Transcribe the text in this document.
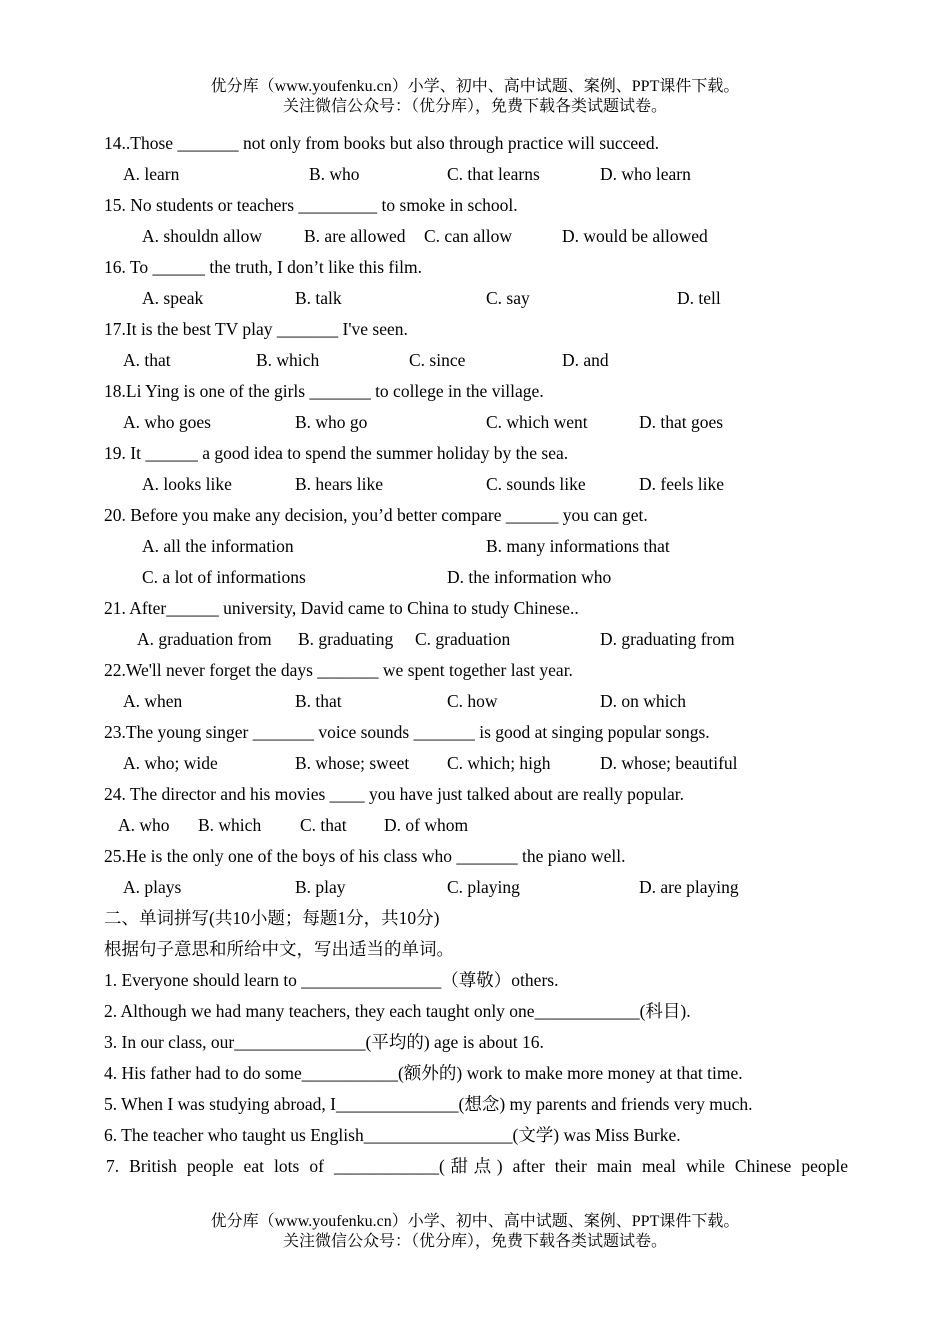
优分库（www.youfenku.cn）小学、初中、高中试题、案例、PPT课件下载。
关注微信公众号：（优分库），免费下载各类试题试卷。
14..Those _______ not only from books but also through practice will succeed.
A. learn	B. who	C. that learns	D. who learn
15. No students or teachers _________ to smoke in school.
A. shouldn allow B. are allowed C. can allow	D. would be allowed
16. To ______ the truth, I don’t like this film.
A. speak	B. talk	C. say	D. tell
17.It is the best TV play _______ I've seen.
A. that	B. which	C. since	D. and
18.Li Ying is one of the girls _______ to college in the village.
A. who goes	B. who go	C. which went	D. that goes
19. It ______ a good idea to spend the summer holiday by the sea.
A. looks like	B. hears like	C. sounds like	D. feels like
20. Before you make any decision, you’d better compare ______ you can get.
A. all the information	B. many informations that
C. a lot of informations	D. the information who
21. After______ university, David came to China to study Chinese..
A. graduation from B. graduating C. graduation	D. graduating from
22.We'll never forget the days _______ we spent together last year.
A. when	B. that	C. how	D. on which
23.The young singer _______ voice sounds _______ is good at singing popular songs.
A. who; wide	B. whose; sweet C. which; high	D. whose; beautiful
24. The director and his movies ____ you have just talked about are really popular.
A. who B. which C. that D. of whom
25.He is the only one of the boys of his class who _______ the piano well.
A. plays	B. play	C. playing	D. are playing
二、单词拼写(共10小题；每题1分，共10分)
根据句子意思和所给中文，写出适当的单词。
1. Everyone should learn to ________________（尊敬）others.
2. Although we had many teachers, they each taught only one____________(科目).
3. In our class, our_______________(平均的) age is about 16.
4. His father had to do some___________(额外的) work to make more money at that time.
5. When I was studying abroad, I______________(想念) my parents and friends very much.
6. The teacher who taught us English_________________(文学) was Miss Burke.
7. British people eat lots of ____________(甜点) after their main meal while Chinese people
优分库（www.youfenku.cn）小学、初中、高中试题、案例、PPT课件下载。
关注微信公众号：（优分库），免费下载各类试题试卷。
